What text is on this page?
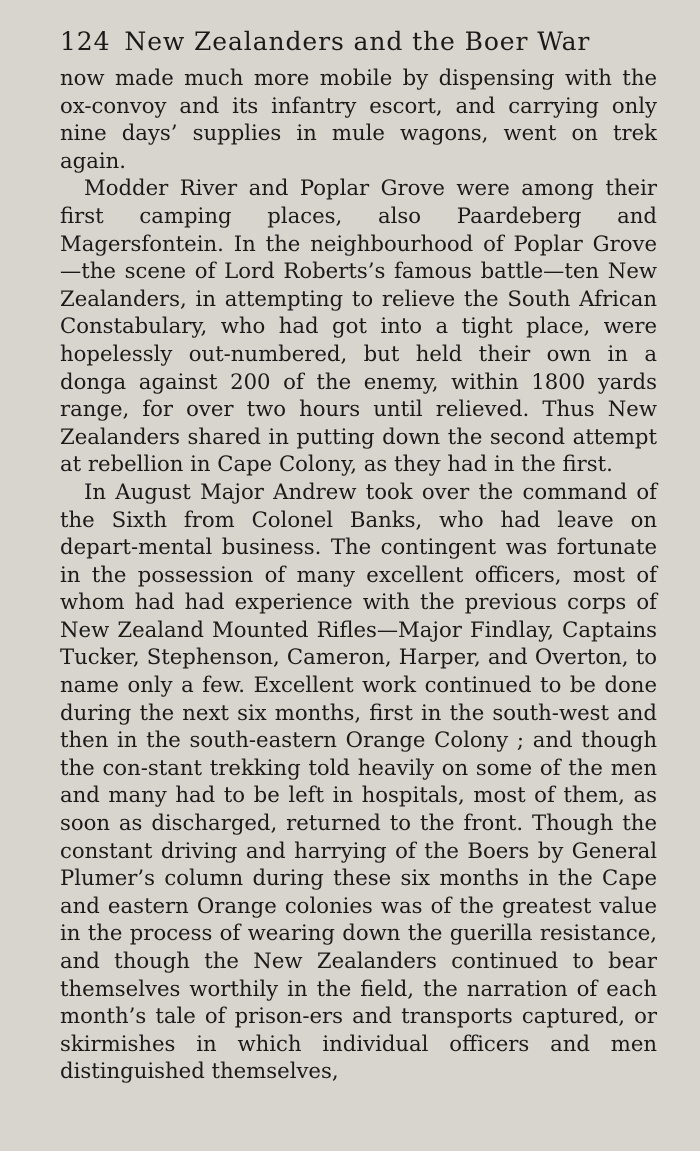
124 New Zealanders and the Boer War

now made much more mobile by dispensing with the ox-convoy and its infantry escort, and carrying only nine days’ supplies in mule wagons, went on trek again.

Modder River and Poplar Grove were among their first camping places, also Paardeberg and Magersfontein. In the neighbourhood of Poplar Grove—the scene of Lord Roberts’s famous battle—ten New Zealanders, in attempting to relieve the South African Constabulary, who had got into a tight place, were hopelessly out-numbered, but held their own in a donga against 200 of the enemy, within 1800 yards range, for over two hours until relieved. Thus New Zealanders shared in putting down the second attempt at rebellion in Cape Colony, as they had in the first.

In August Major Andrew took over the command of the Sixth from Colonel Banks, who had leave on depart-mental business. The contingent was fortunate in the possession of many excellent officers, most of whom had had experience with the previous corps of New Zealand Mounted Rifles—Major Findlay, Captains Tucker, Stephenson, Cameron, Harper, and Overton, to name only a few. Excellent work continued to be done during the next six months, first in the south-west and then in the south-eastern Orange Colony ; and though the con-stant trekking told heavily on some of the men and many had to be left in hospitals, most of them, as soon as discharged, returned to the front. Though the constant driving and harrying of the Boers by General Plumer’s column during these six months in the Cape and eastern Orange colonies was of the greatest value in the process of wearing down the guerilla resistance, and though the New Zealanders continued to bear themselves worthily in the field, the narration of each month’s tale of prison-ers and transports captured, or skirmishes in which individual officers and men distinguished themselves,
